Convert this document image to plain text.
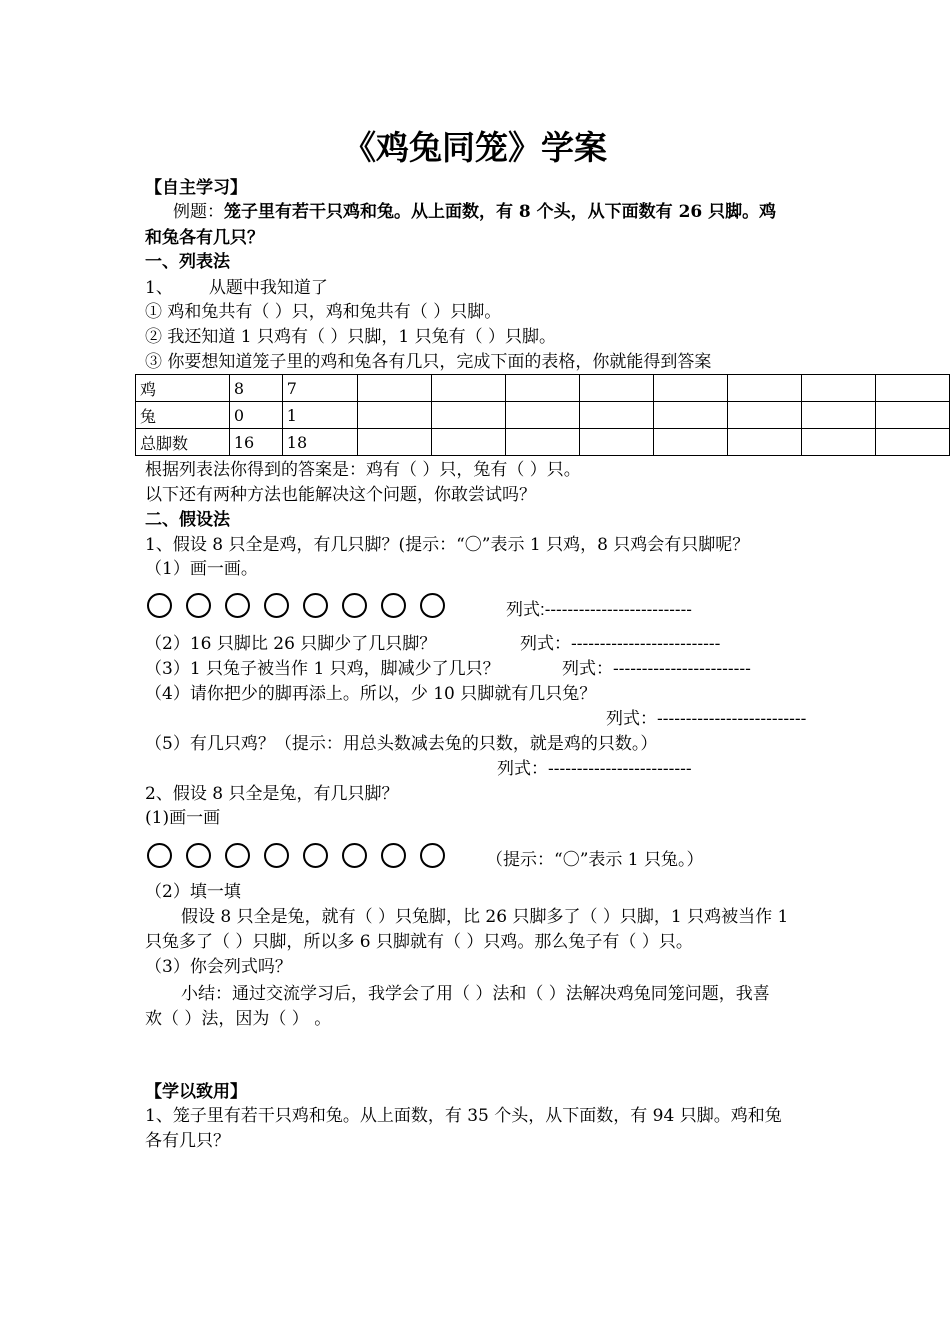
《鸡兔同笼》学案
【自主学习】
例题：笼子里有若干只鸡和兔。从上面数，有 8 个头，从下面数有 26 只脚。鸡
和兔各有几只？
一、列表法
1、 从题中我知道了
① 鸡和兔共有（ ）只，鸡和兔共有（ ）只脚。
② 我还知道 1 只鸡有（ ）只脚，1 只兔有（ ）只脚。
③ 你要想知道笼子里的鸡和兔各有几只，完成下面的表格，你就能得到答案
鸡	8	7								
兔	0	1								
总脚数	16	18								
根据列表法你得到的答案是：鸡有（ ）只，兔有（ ）只。
以下还有两种方法也能解决这个问题，你敢尝试吗？
二、假设法
1、假设 8 只全是鸡，有几只脚？(提示：“〇”表示 1 只鸡，8 只鸡会有只脚呢？
（1）画一画。
列式:--------------------------
（2）16 只脚比 26 只脚少了几只脚？	列式：--------------------------
（3）1 只兔子被当作 1 只鸡，脚减少了几只？	列式：------------------------
（4）请你把少的脚再添上。所以，少 10 只脚就有几只兔？
列式：--------------------------
（5）有几只鸡？（提示：用总头数减去兔的只数，就是鸡的只数。）
列式：-------------------------
2、假设 8 只全是兔，有几只脚？
(1)画一画
（提示：“〇”表示 1 只兔。）
（2）填一填
假设 8 只全是兔，就有（ ）只兔脚，比 26 只脚多了（ ）只脚，1 只鸡被当作 1
只兔多了（ ）只脚，所以多 6 只脚就有（ ）只鸡。那么兔子有（ ）只。
（3）你会列式吗？
小结：通过交流学习后，我学会了用（ ）法和（ ）法解决鸡兔同笼问题，我喜
欢（ ）法，因为（ ） 。
【学以致用】
1、笼子里有若干只鸡和兔。从上面数，有 35 个头，从下面数，有 94 只脚。鸡和兔
各有几只？
